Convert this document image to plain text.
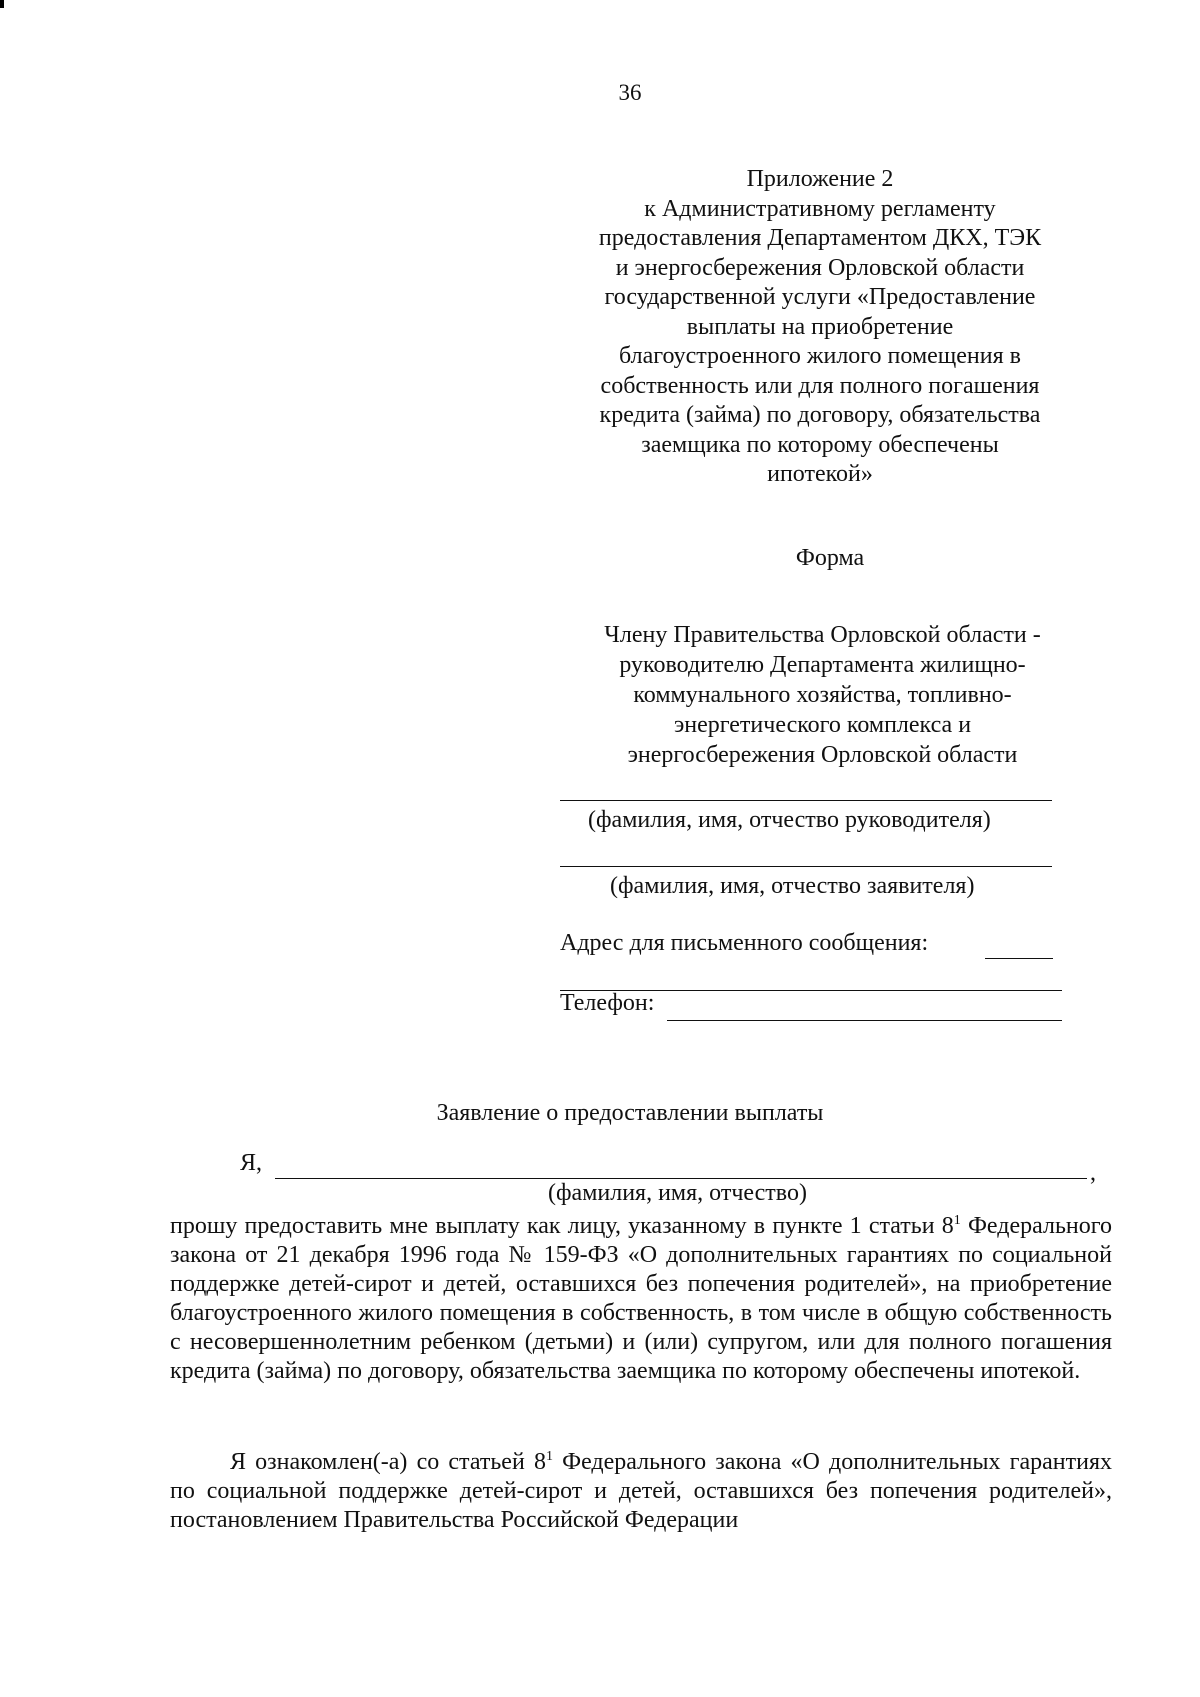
36
Приложение 2
к Административному регламенту
предоставления Департаментом ДКХ, ТЭК
и энергосбережения Орловской области
государственной услуги «Предоставление
выплаты на приобретение
благоустроенного жилого помещения в
собственность или для полного погашения
кредита (займа) по договору, обязательства
заемщика по которому обеспечены
ипотекой»
Форма
Члену Правительства Орловской области -
руководителю Департамента жилищно-
коммунального хозяйства, топливно-
энергетического комплекса и
энергосбережения Орловской области
(фамилия, имя, отчество руководителя)
(фамилия, имя, отчество заявителя)
Адрес для письменного сообщения:
Телефон:
Заявление о предоставлении выплаты
Я,	,
(фамилия, имя, отчество)

прошу предоставить мне выплату как лицу, указанному в пункте 1 статьи $8^1$ Федерального закона от 21 декабря 1996 года № 159-ФЗ «О дополнительных гарантиях по социальной поддержке детей-сирот и детей, оставшихся без попечения родителей», на приобретение благоустроенного жилого помещения в собственность, в том числе в общую собственность с несовершеннолетним ребенком (детьми) и (или) супругом, или для полного погашения кредита (займа) по договору, обязательства заемщика по которому обеспечены ипотекой.

Я ознакомлен(-а) со статьей $8^1$ Федерального закона «О дополнительных гарантиях по социальной поддержке детей-сирот и детей, оставшихся без попечения родителей», постановлением Правительства Российской Федерации
